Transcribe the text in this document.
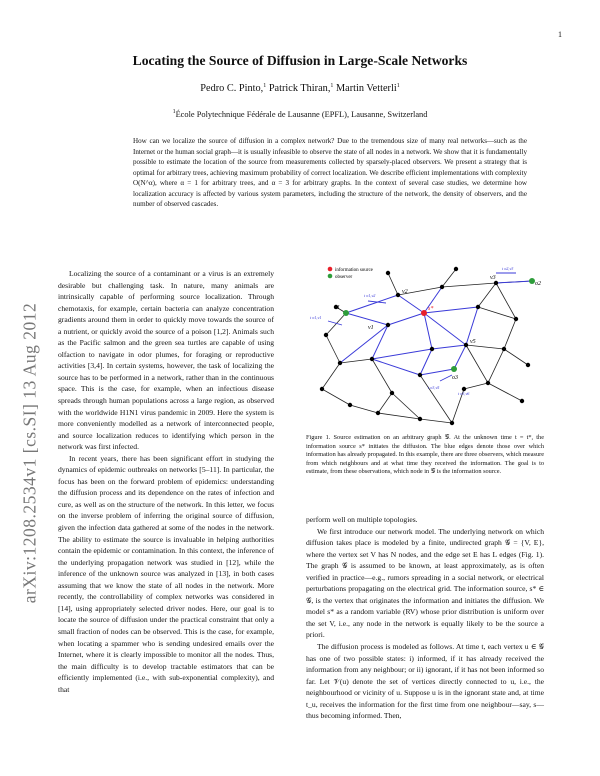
1
arXiv:1208.2534v1 [cs.SI] 13 Aug 2012
Locating the Source of Diffusion in Large-Scale Networks
Pedro C. Pinto,$^1$ Patrick Thiran,$^1$ Martin Vetterli$^1$
$^1$École Polytechnique Fédérale de Lausanne (EPFL), Lausanne, Switzerland
How can we localize the source of diffusion in a complex network? Due to the tremendous size of many real networks—such as the Internet or the human social graph—it is usually infeasible to observe the state of all nodes in a network. We show that it is fundamentally possible to estimate the location of the source from measurements collected by sparsely-placed observers. We present a strategy that is optimal for arbitrary trees, achieving maximum probability of correct localization. We describe efficient implementations with complexity O(N^α), where α = 1 for arbitrary trees, and α = 3 for arbitrary graphs. In the context of several case studies, we determine how localization accuracy is affected by various system parameters, including the structure of the network, the density of observers, and the number of observed cascades.

Localizing the source of a contaminant or a virus is an extremely desirable but challenging task. In nature, many animals are intrinsically capable of performing source localization. Through chemotaxis, for example, certain bacteria can analyze concentration gradients around them in order to quickly move towards the source of a nutrient, or quickly avoid the source of a poison [1,2]. Animals such as the Pacific salmon and the green sea turtles are capable of using olfaction to navigate in odor plumes, for foraging or reproductive activities [3,4]. In certain systems, however, the task of localizing the source has to be performed in a network, rather than in the continuous space. This is the case, for example, when an infectious disease spreads through human populations across a large region, as observed with the worldwide H1N1 virus pandemic in 2009. Here the system is more conveniently modelled as a network of interconnected people, and source localization reduces to identifying which person in the network was first infected.

In recent years, there has been significant effort in studying the dynamics of epidemic outbreaks on networks [5–11]. In particular, the focus has been on the forward problem of epidemics: understanding the diffusion process and its dependence on the rates of infection and cure, as well as on the structure of the network. In this letter, we focus on the inverse problem of inferring the original source of diffusion, given the infection data gathered at some of the nodes in the network. The ability to estimate the source is invaluable in helping authorities contain the epidemic or contamination. In this context, the inference of the underlying propagation network was studied in [12], while the inference of the unknown source was analyzed in [13], in both cases assuming that we know the state of all nodes in the network. More recently, the controllability of complex networks was considered in [14], using appropriately selected driver nodes. Here, our goal is to locate the source of diffusion under the practical constraint that only a small fraction of nodes can be observed. This is the case, for example, when locating a spammer who is sending undesired emails over the Internet, where it is clearly impossible to monitor all the nodes. Thus, the main difficulty is to develop tractable estimators that can be efficiently implemented (i.e., with sub-exponential complexity), and that

information source
observer
s*
o1
o2
o3
v1
v2
v3
v5
t o1,v1
t o2,v3
t o3,v5
t o3,v6
t o1,v2
Figure 1. Source estimation on an arbitrary graph 𝒢. At the unknown time t = t*, the information source s* initiates the diffusion. The blue edges denote those over which information has already propagated. In this example, there are three observers, which measure from which neighbours and at what time they received the information. The goal is to estimate, from these observations, which node in 𝒢 is the information source.

perform well on multiple topologies.

We first introduce our network model. The underlying network on which diffusion takes place is modeled by a finite, undirected graph 𝒢 = {V, E}, where the vertex set V has N nodes, and the edge set E has L edges (Fig. 1). The graph 𝒢 is assumed to be known, at least approximately, as is often verified in practice—e.g., rumors spreading in a social network, or electrical perturbations propagating on the electrical grid. The information source, s* ∈ 𝒢, is the vertex that originates the information and initiates the diffusion. We model s* as a random variable (RV) whose prior distribution is uniform over the set V, i.e., any node in the network is equally likely to be the source a priori.

The diffusion process is modeled as follows. At time t, each vertex u ∈ 𝒢 has one of two possible states: i) informed, if it has already received the information from any neighbour; or ii) ignorant, if it has not been informed so far. Let 𝒱(u) denote the set of vertices directly connected to u, i.e., the neighbourhood or vicinity of u. Suppose u is in the ignorant state and, at time t_u, receives the information for the first time from one neighbour—say, s—thus becoming informed. Then,
